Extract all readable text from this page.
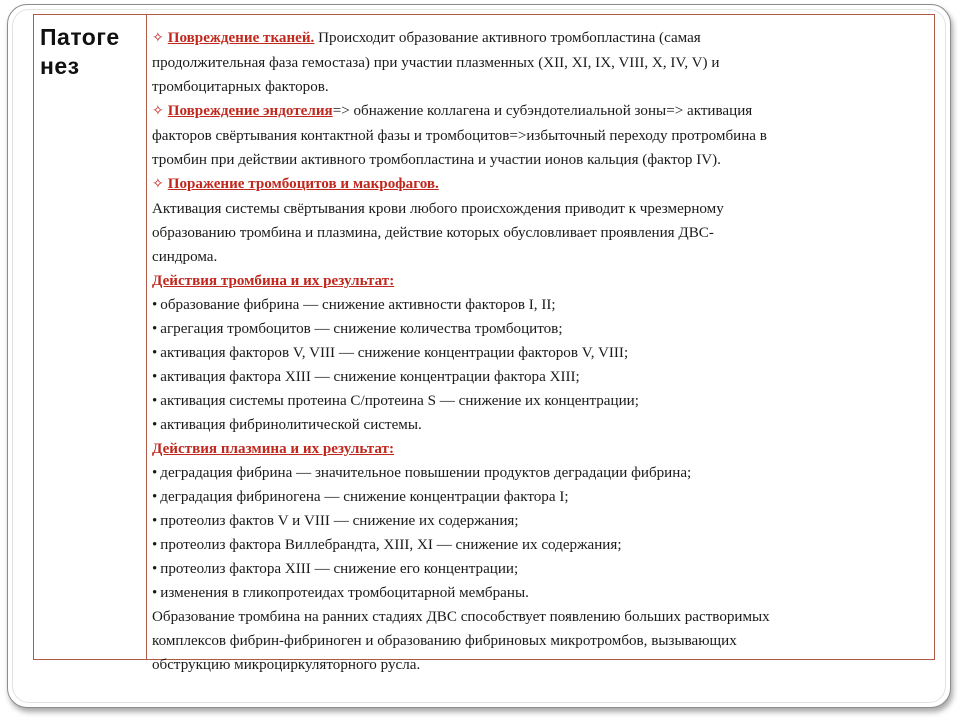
Патоге
нез
✧ Повреждение тканей. Происходит образование активного тромбопластина (самая
продолжительная фаза гемостаза) при участии плазменных (XII, XI, IX, VIII, X, IV, V) и
тромбоцитарных факторов.
✧ Повреждение эндотелия=> обнажение коллагена и субэндотелиальной зоны=> активация
факторов свёртывания контактной фазы и тромбоцитов=>избыточный переходу протромбина в
тромбин при действии активного тромбопластина и участии ионов кальция (фактор IV).
✧ Поражение тромбоцитов и макрофагов.
Активация системы свёртывания крови любого происхождения приводит к чрезмерному
образованию тромбина и плазмина, действие которых обусловливает проявления ДВС-
синдрома.
Действия тромбина и их результат:
• образование фибрина — снижение активности факторов I, II;
• агрегация тромбоцитов — снижение количества тромбоцитов;
• активация факторов V, VIII — снижение концентрации факторов V, VIII;
• активация фактора XIII — снижение концентрации фактора XIII;
• активация системы протеина C/протеина S — снижение их концентрации;
• активация фибринолитической системы.
Действия плазмина и их результат:
• деградация фибрина — значительное повышении продуктов деградации фибрина;
• деградация фибриногена — снижение концентрации фактора I;
• протеолиз фактов V и VIII — снижение их содержания;
• протеолиз фактора Виллебрандта, XIII, XI — снижение их содержания;
• протеолиз фактора XIII — снижение его концентрации;
• изменения в гликопротеидах тромбоцитарной мембраны.
Образование тромбина на ранних стадиях ДВС способствует появлению больших растворимых
комплексов фибрин-фибриноген и образованию фибриновых микротромбов, вызывающих
обструкцию микроциркуляторного русла.
